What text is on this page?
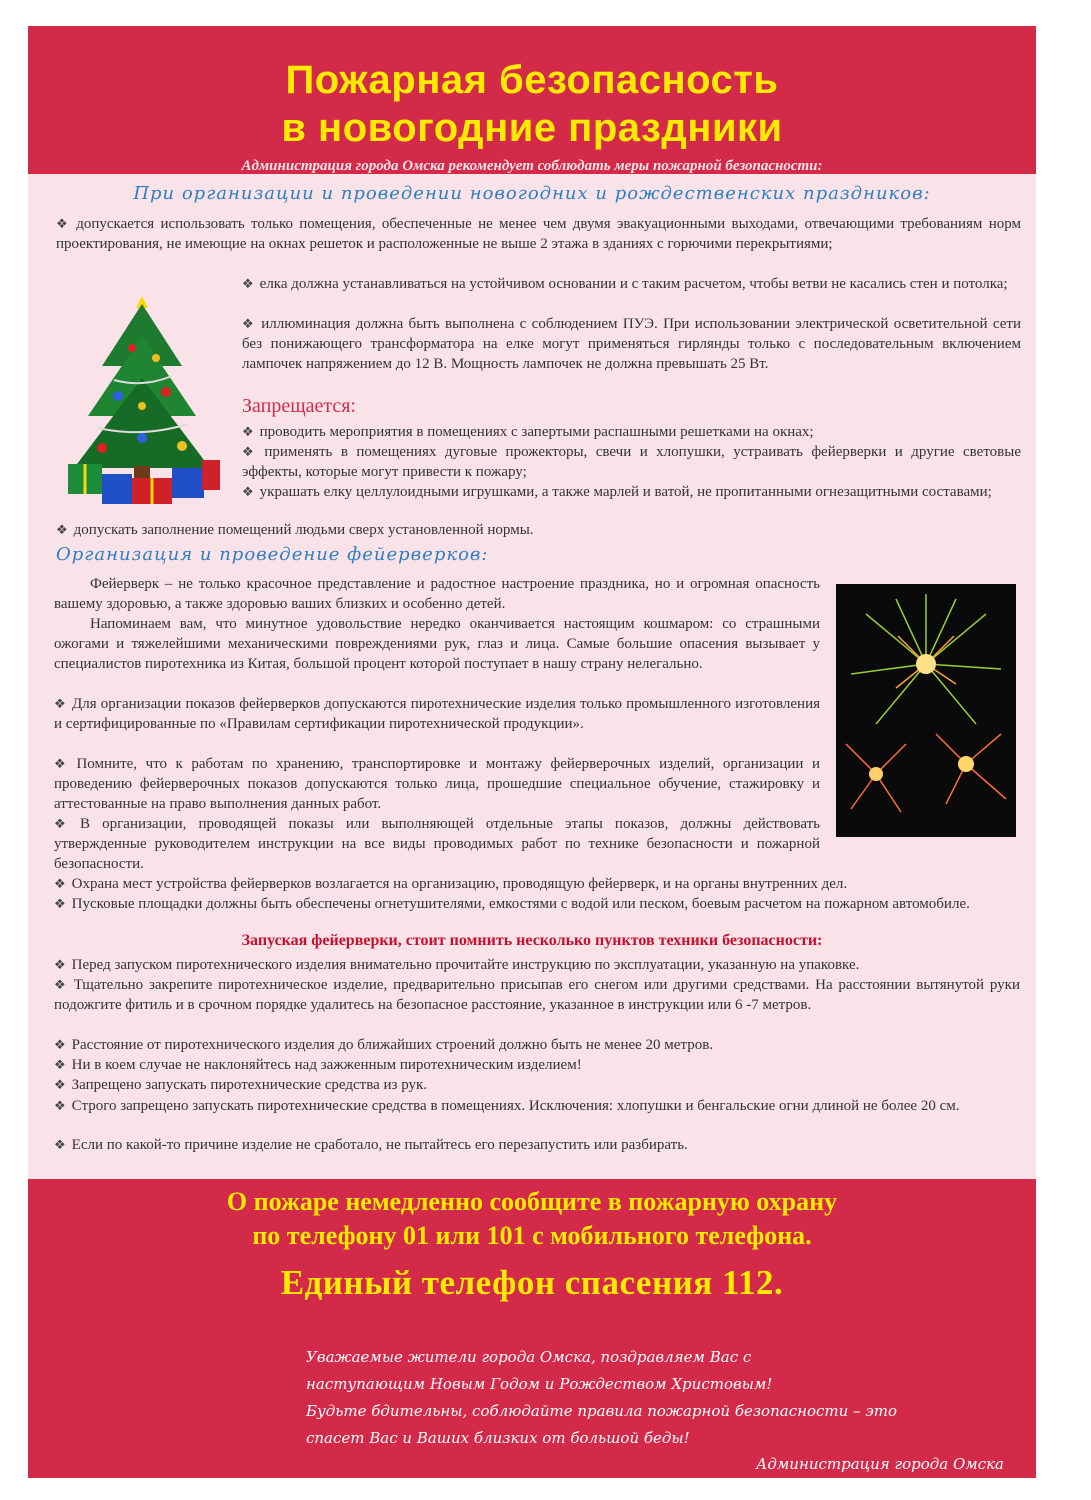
Пожарная безопасность
в новогодние праздники
Администрация города Омска рекомендует соблюдать меры пожарной безопасности:
При организации и проведении новогодних и рождественских праздников:
❖ допускается использовать только помещения, обеспеченные не менее чем двумя эвакуационными выходами, отвечающими требованиям норм проектирования, не имеющие на окнах решеток и расположенные не выше 2 этажа в зданиях с горючими перекрытиями;
❖ елка должна устанавливаться на устойчивом основании и с таким расчетом, чтобы ветви не касались стен и потолка;
❖ иллюминация должна быть выполнена с соблюдением ПУЭ. При использовании электрической осветительной сети без понижающего трансформатора на елке могут применяться гирлянды только с последовательным включением лампочек напряжением до 12 В. Мощность лампочек не должна превышать 25 Вт.
Запрещается:
❖ проводить мероприятия в помещениях с запертыми распашными решетками на окнах;
❖ применять в помещениях дуговые прожекторы, свечи и хлопушки, устраивать фейерверки и другие световые эффекты, которые могут привести к пожару;
❖ украшать елку целлулоидными игрушками, а также марлей и ватой, не пропитанными огнезащитными составами;
❖ допускать заполнение помещений людьми сверх установленной нормы.
Организация и проведение фейерверков:
Фейерверк – не только красочное представление и радостное настроение праздника, но и огромная опасность вашему здоровью, а также здоровью ваших близких и особенно детей.
Напоминаем вам, что минутное удовольствие нередко оканчивается настоящим кошмаром: со страшными ожогами и тяжелейшими механическими повреждениями рук, глаз и лица. Самые большие опасения вызывает у специалистов пиротехника из Китая, большой процент которой поступает в нашу страну нелегально.
❖ Для организации показов фейерверков допускаются пиротехнические изделия только промышленного изготовления и сертифицированные по «Правилам сертификации пиротехнической продукции».
❖ Помните, что к работам по хранению, транспортировке и монтажу фейерверочных изделий, организации и проведению фейерверочных показов допускаются только лица, прошедшие специальное обучение, стажировку и аттестованные на право выполнения данных работ.
❖ В организации, проводящей показы или выполняющей отдельные этапы показов, должны действовать утвержденные руководителем инструкции на все виды проводимых работ по технике безопасности и пожарной безопасности.
❖ Охрана мест устройства фейерверков возлагается на организацию, проводящую фейерверк, и на органы внутренних дел.
❖ Пусковые площадки должны быть обеспечены огнетушителями, емкостями с водой или песком, боевым расчетом на пожарном автомобиле.
Запуская фейерверки, стоит помнить несколько пунктов техники безопасности:
❖ Перед запуском пиротехнического изделия внимательно прочитайте инструкцию по эксплуатации, указанную на упаковке.
❖ Тщательно закрепите пиротехническое изделие, предварительно присыпав его снегом или другими средствами. На расстоянии вытянутой руки подожгите фитиль и в срочном порядке удалитесь на безопасное расстояние, указанное в инструкции или 6 -7 метров.
❖ Расстояние от пиротехнического изделия до ближайших строений должно быть не менее 20 метров.
❖ Ни в коем случае не наклоняйтесь над зажженным пиротехническим изделием!
❖ Запрещено запускать пиротехнические средства из рук.
❖ Строго запрещено запускать пиротехнические средства в помещениях. Исключения: хлопушки и бенгальские огни длиной не более 20 см.
❖ Если по какой-то причине изделие не сработало, не пытайтесь его перезапустить или разбирать.
О пожаре немедленно сообщите в пожарную охрану
по телефону 01 или 101 с мобильного телефона.
Единый телефон спасения 112.
Уважаемые жители города Омска, поздравляем Вас с
наступающим Новым Годом и Рождеством Христовым!
Будьте бдительны, соблюдайте правила пожарной безопасности – это
спасет Вас и Ваших близких от большой беды!
Администрация города Омска
